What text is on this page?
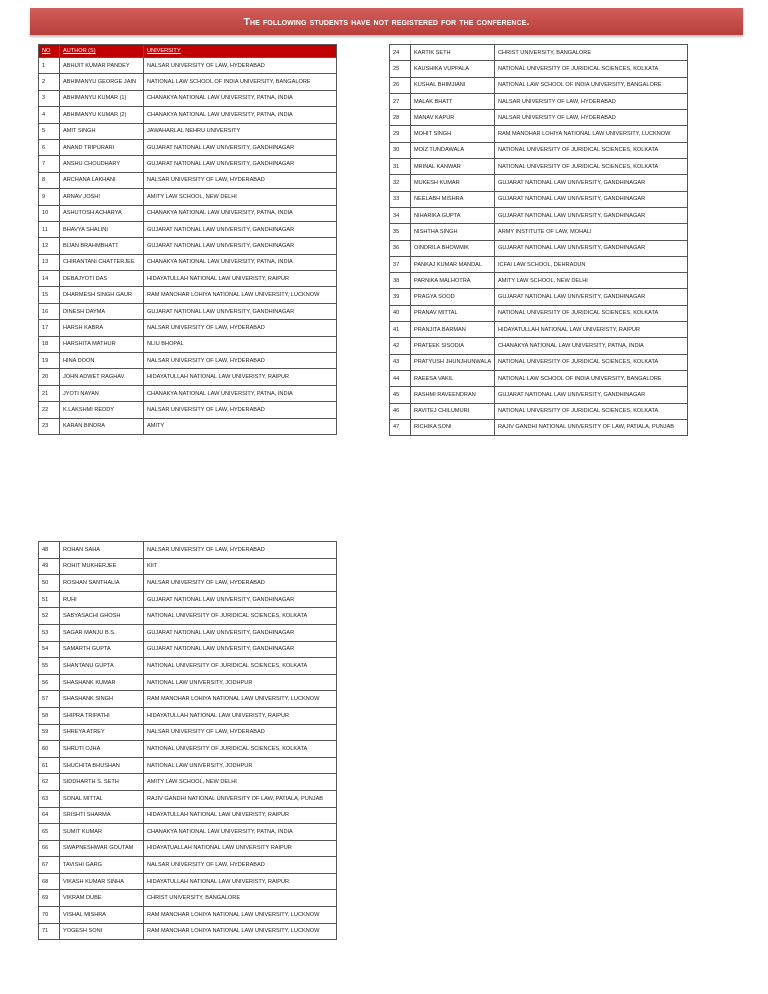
The following students have not registered for the conference.
NO	AUTHOR (S)	UNIVERSITY
1	ABHIJIT KUMAR PANDEY	NALSAR UNIVERSITY OF LAW, HYDERABAD
2	ABHIMANYU GEORGE JAIN	NATIONAL LAW SCHOOL OF INDIA UNIVERSITY, BANGALORE
3	ABHIMANYU KUMAR (1)	CHANAKYA NATIONAL LAW UNIVERSITY, PATNA, INDIA
4	ABHIMANYU KUMAR (2)	CHANAKYA NATIONAL LAW UNIVERSITY, PATNA, INDIA
5	AMIT SINGH	JAWAHARLAL NEHRU UNIVERSITY
6	ANAND TRIPURARI	GUJARAT NATIONAL LAW UNIVERSITY, GANDHINAGAR
7	ANSHU CHOUDHARY	GUJARAT NATIONAL LAW UNIVERSITY, GANDHINAGAR
8	ARCHANA LAKHANI	NALSAR UNIVERSITY OF LAW, HYDERABAD
9	ARNAV JOSHI	AMITY LAW SCHOOL, NEW DELHI
10	ASHUTOSH ACHARYA	CHANAKYA NATIONAL LAW UNIVERSITY, PATNA, INDIA
11	BHAVYA SHALINI	GUJARAT NATIONAL LAW UNIVERSITY, GANDHINAGAR
12	BIJAN BRAHMBHATT	GUJARAT NATIONAL LAW UNIVERSITY, GANDHINAGAR
13	CHIRANTANI CHATTERJEE	CHANAKYA NATIONAL LAW UNIVERSITY, PATNA, INDIA
14	DEBAJYOTI DAS	HIDAYATULLAH NATIONAL LAW UNIVERISTY, RAIPUR
15	DHARMESH SINGH GAUR	RAM MANOHAR LOHIYA NATIONAL LAW UNIVERSITY, LUCKNOW
16	DINESH DAYMA	GUJARAT NATIONAL LAW UNIVERSITY, GANDHINAGAR
17	HARSH KABRA	NALSAR UNIVERSITY OF LAW, HYDERABAD
18	HARSHITA MATHUR	NLIU BHOPAL
19	HINA DOON	NALSAR UNIVERSITY OF LAW, HYDERABAD
20	JOHN ADWET RAGHAV	HIDAYATULLAH NATIONAL LAW UNIVERISTY, RAIPUR
21	JYOTI NAYAN	CHANAKYA NATIONAL LAW UNIVERSITY, PATNA, INDIA
22	K.LAKSHMI REDDY	NALSAR UNIVERSITY OF LAW, HYDERABAD
23	KARAN BINDRA	AMITY
24	KARTIK SETH	CHRIST UNIVERSITY, BANGALORE
25	KAUSHIKA VUPPALA	NATIONAL UNIVERSITY OF JURIDICAL SCIENCES, KOLKATA
26	KUSHAL BHIMJIANI	NATIONAL LAW SCHOOL OF INDIA UNIVERSITY, BANGALORE
27	MALAK BHATT	NALSAR UNIVERSITY OF LAW, HYDERABAD
28	MANAV KAPUR	NALSAR UNIVERSITY OF LAW, HYDERABAD
29	MOHIT SINGH	RAM MANOHAR LOHIYA NATIONAL LAW UNIVERSITY, LUCKNOW
30	MOIZ TUNDAWALA	NATIONAL UNIVERSITY OF JURIDICAL SCIENCES, KOLKATA
31	MRINAL KANWAR	NATIONAL UNIVERSITY OF JURIDICAL SCIENCES, KOLKATA
32	MUKESH KUMAR	GUJARAT NATIONAL LAW UNIVERSITY, GANDHINAGAR
33	NEELABH MISHRA	GUJARAT NATIONAL LAW UNIVERSITY, GANDHINAGAR
34	NIHARIKA GUPTA	GUJARAT NATIONAL LAW UNIVERSITY, GANDHINAGAR
35	NISHTHA SINGH	ARMY INSTITUTE OF LAW, MOHALI
36	OINDRILA BHOWMIK	GUJARAT NATIONAL LAW UNIVERSITY, GANDHINAGAR
37	PANKAJ KUMAR MANDAL	ICFAI LAW SCHOOL, DEHRADUN
38	PARNIKA MALHOTRA	AMITY LAW SCHOOL, NEW DELHI
39	PRAGYA SOOD	GUJARAT NATIONAL LAW UNIVERSITY, GANDHINAGAR
40	PRANAV MITTAL	NATIONAL UNIVERSITY OF JURIDICAL SCIENCES, KOLKATA
41	PRANJITA BARMAN	HIDAYATULLAH NATIONAL LAW UNIVERISTY, RAIPUR
42	PRATEEK SISODIA	CHANAKYA NATIONAL LAW UNIVERSITY, PATNA, INDIA
43	PRATYUSH JHUNJHUNWALA	NATIONAL UNIVERSITY OF JURIDICAL SCIENCES, KOLKATA
44	RAEESA VAKIL	NATIONAL LAW SCHOOL OF INDIA UNIVERSITY, BANGALORE
45	RASHMI RAVEENDRAN	GUJARAT NATIONAL LAW UNIVERSITY, GANDHINAGAR
46	RAVITEJ CHILUMURI	NATIONAL UNIVERSITY OF JURIDICAL SCIENCES, KOLKATA
47	RICHIKA SONI	RAJIV GANDHI NATIONAL UNIVERSITY OF LAW, PATIALA, PUNJAB
48	ROHAN SAHA	NALSAR UNIVERSITY OF LAW, HYDERABAD
49	ROHIT MUKHERJEE	KIIT
50	ROSHAN SANTHALIA	NALSAR UNIVERSITY OF LAW, HYDERABAD
51	RUHI	GUJARAT NATIONAL LAW UNIVERSITY, GANDHINAGAR
52	SABYASACHI GHOSH	NATIONAL UNIVERSITY OF JURIDICAL SCIENCES, KOLKATA
53	SAGAR MANJU B.S.	GUJARAT NATIONAL LAW UNIVERSITY, GANDHINAGAR
54	SAMARTH GUPTA	GUJARAT NATIONAL LAW UNIVERSITY, GANDHINAGAR
55	SHANTANU GUPTA	NATIONAL UNIVERSITY OF JURIDICAL SCIENCES, KOLKATA
56	SHASHANK KUMAR	NATIONAL LAW UNIVERSITY, JODHPUR
57	SHASHANK SINGH	RAM MANOHAR LOHIYA NATIONAL LAW UNIVERSITY, LUCKNOW
58	SHIPRA TRIPATHI	HIDAYATULLAH NATIONAL LAW UNIVERISTY, RAIPUR
59	SHREYA ATREY	NALSAR UNIVERSITY OF LAW, HYDERABAD
60	SHRUTI OJHA	NATIONAL UNIVERSITY OF JURIDICAL SCIENCES, KOLKATA
61	SHUCHITA BHUSHAN	NATIONAL LAW UNIVERSITY, JODHPUR
62	SIDDHARTH S. SETH	AMITY LAW SCHOOL, NEW DELHI
63	SONAL MITTAL	RAJIV GANDHI NATIONAL UNIVERSITY OF LAW, PATIALA, PUNJAB
64	SRISHTI SHARMA	HIDAYATULLAH NATIONAL LAW UNIVERISTY, RAIPUR
65	SUMIT KUMAR	CHANAKYA NATIONAL LAW UNIVERSITY, PATNA, INDIA
66	SWAPNESHWAR GOUTAM	HIDAYATUALLAH NATIONAL LAW UNIVERSITY RAIPUR
67	TAVISHI GARG	NALSAR UNIVERSITY OF LAW, HYDERABAD
68	VIKASH KUMAR SINHA	HIDAYATULLAH NATIONAL LAW UNIVERISTY, RAIPUR
69	VIKRAM DUBE	CHRIST UNIVERSITY, BANGALORE
70	VISHAL MISHRA	RAM MANOHAR LOHIYA NATIONAL LAW UNIVERSITY, LUCKNOW
71	YOGESH SONI	RAM MANOHAR LOHIYA NATIONAL LAW UNIVERSITY, LUCKNOW
